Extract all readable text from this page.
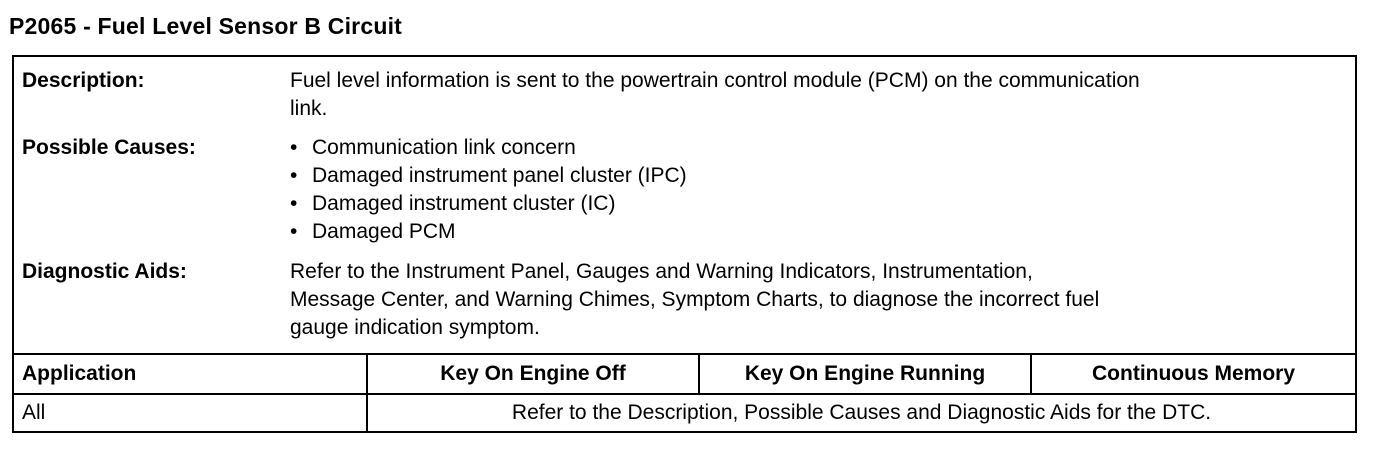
P2065 - Fuel Level Sensor B Circuit
Description:	Fuel level information is sent to the powertrain control module (PCM) on the communication
link.
Possible Causes:	• Communication link concern
• Damaged instrument panel cluster (IPC)
• Damaged instrument cluster (IC)
• Damaged PCM
Diagnostic Aids:	Refer to the Instrument Panel, Gauges and Warning Indicators, Instrumentation,
Message Center, and Warning Chimes, Symptom Charts, to diagnose the incorrect fuel
gauge indication symptom.
Application	Key On Engine Off	Key On Engine Running	Continuous Memory
All	Refer to the Description, Possible Causes and Diagnostic Aids for the DTC.
